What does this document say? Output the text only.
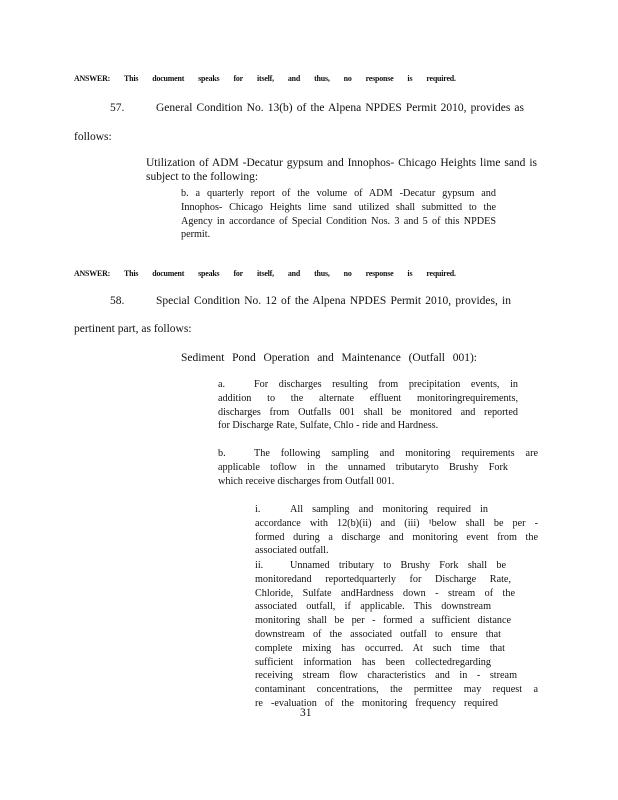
ANSWER: This document speaks for itself, and thus, no response is required.
57.	General Condition No. 13(b) of the Alpena NPDES Permit 2010, provides as
follows:
Utilization of ADM -Decatur gypsum and Innophos- Chicago Heights lime sand is
subject to the following:
b. a quarterly report of the volume of ADM -Decatur gypsum and
Innophos- Chicago Heights lime sand utilized shall submitted to the
Agency in accordance of Special Condition Nos. 3 and 5 of this NPDES
permit.
ANSWER: This document speaks for itself, and thus, no response is required.
58.	Special Condition No. 12 of the Alpena NPDES Permit 2010, provides, in
pertinent part, as follows:
Sediment Pond Operation and Maintenance (Outfall 001):
a.	For discharges resulting from precipitation events, in
addition to the alternate effluent monitoringrequirements,
discharges from Outfalls 001 shall be monitored and reported
for Discharge Rate, Sulfate, Chlo - ride and Hardness.
b.	The following sampling and monitoring requirements are
applicable toflow in the unnamed tributaryto Brushy Fork
which receive discharges from Outfall 001.
i.	All sampling and monitoring required in
accordance with 12(b)(ii) and (iii) ¹below shall be per -
formed during a discharge and monitoring event from the
associated outfall.
ii.	Unnamed tributary to Brushy Fork shall be
monitoredand reportedquarterly for Discharge Rate,
Chloride, Sulfate andHardness down - stream of the
associated outfall, if applicable. This downstream
monitoring shall be per - formed a sufficient distance
downstream of the associated outfall to ensure that
complete mixing has occurred. At such time that
sufficient information has been collectedregarding
receiving stream flow characteristics and in - stream
contaminant concentrations, the permittee may request a
re -evaluation of the monitoring frequency required
31
